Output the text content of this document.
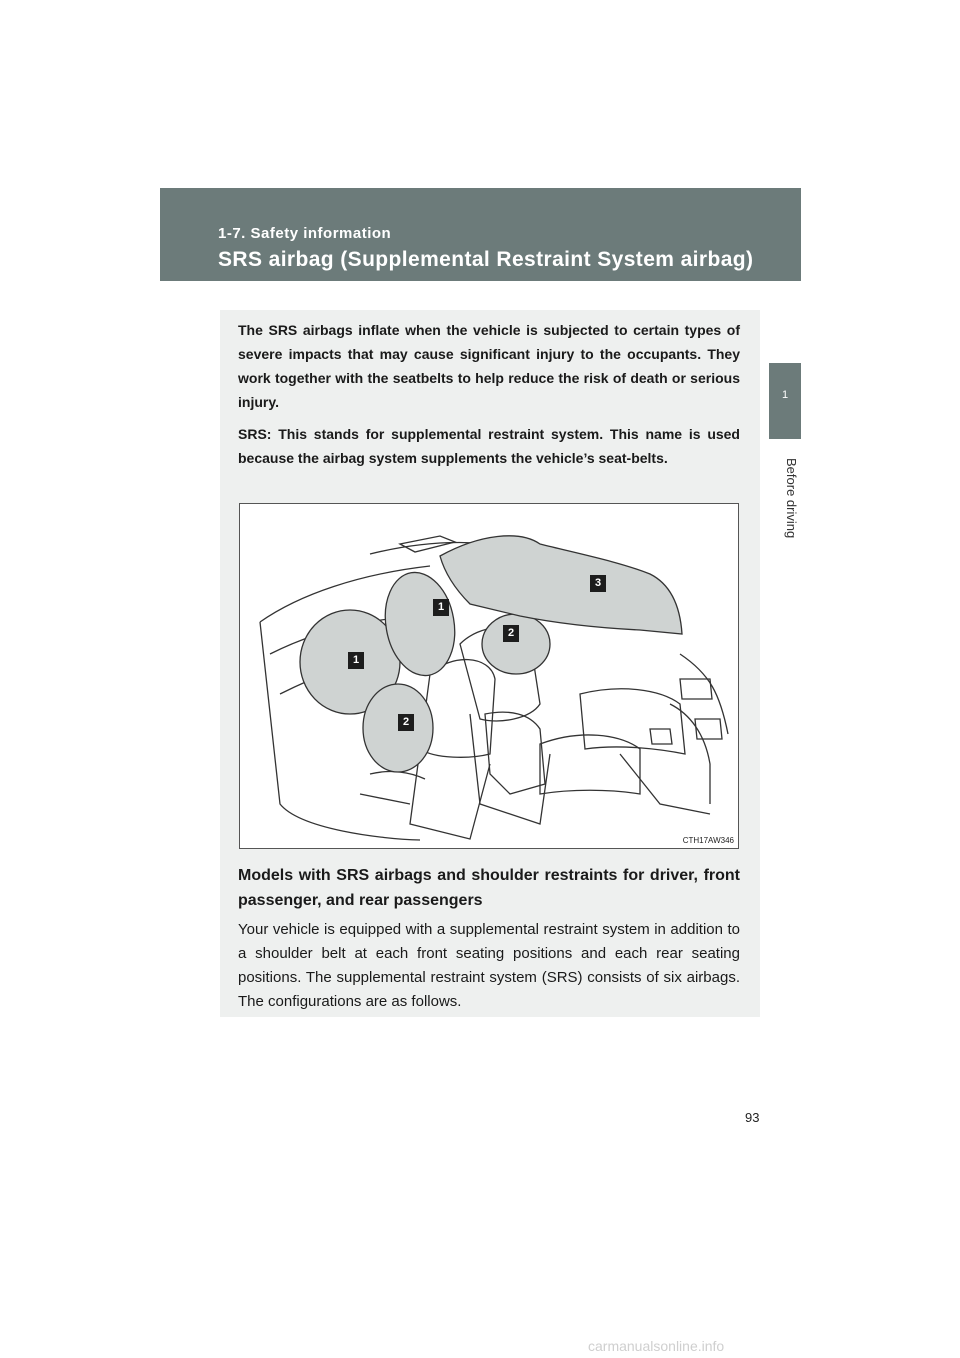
1-7. Safety information
SRS airbag (Supplemental Restraint System airbag)
1
Before driving

The SRS airbags inflate when the vehicle is subjected to certain types of severe impacts that may cause significant injury to the occupants. They work together with the seatbelts to help reduce the risk of death or serious injury.

SRS: This stands for supplemental restraint system. This name is used because the airbag system supplements the vehicle’s seat-belts.

1
1
2
2
3
CTH17AW346

Models with SRS airbags and shoulder restraints for driver, front passenger, and rear passengers

Your vehicle is equipped with a supplemental restraint system in addition to a shoulder belt at each front seating positions and each rear seating positions. The supplemental restraint system (SRS) consists of six airbags. The configurations are as follows.

93
carmanualsonline.info
